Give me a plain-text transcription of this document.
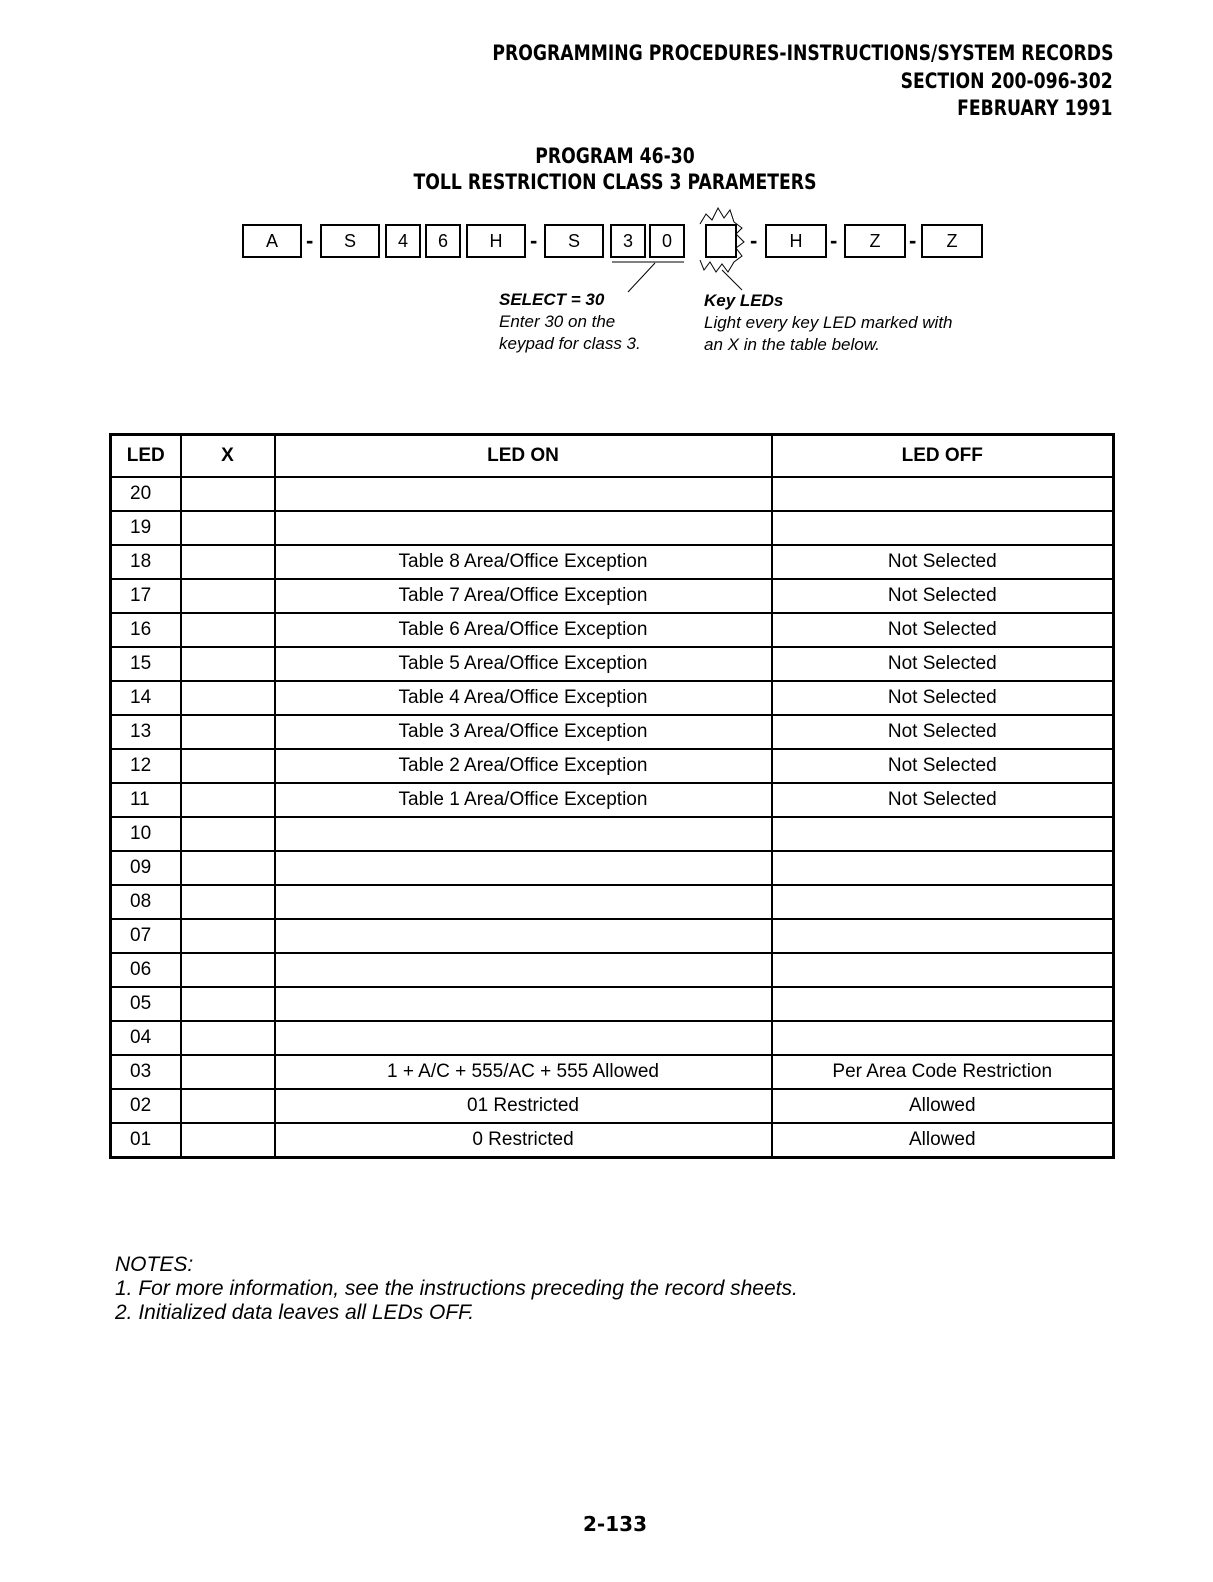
PROGRAMMING PROCEDURES-INSTRUCTIONS/SYSTEM RECORDS
SECTION 200-096-302
FEBRUARY 1991
PROGRAM 46-30
TOLL RESTRICTION CLASS 3 PARAMETERS
A	-	S	4	6	H	-	S	3	0	-	H	-	Z	-	Z
SELECT = 30
Enter 30 on the
keypad for class 3.
Key LEDs
Light every key LED marked with
an X in the table below.
LED	X	LED ON	LED OFF
20			
19			
18		Table 8 Area/Office Exception	Not Selected
17		Table 7 Area/Office Exception	Not Selected
16		Table 6 Area/Office Exception	Not Selected
15		Table 5 Area/Office Exception	Not Selected
14		Table 4 Area/Office Exception	Not Selected
13		Table 3 Area/Office Exception	Not Selected
12		Table 2 Area/Office Exception	Not Selected
11		Table 1 Area/Office Exception	Not Selected
10			
09			
08			
07			
06			
05			
04			
03		1 + A/C + 555/AC + 555 Allowed	Per Area Code Restriction
02		01 Restricted	Allowed
01		0 Restricted	Allowed
NOTES:
1. For more information, see the instructions preceding the record sheets.
2. Initialized data leaves all LEDs OFF.
2-133
